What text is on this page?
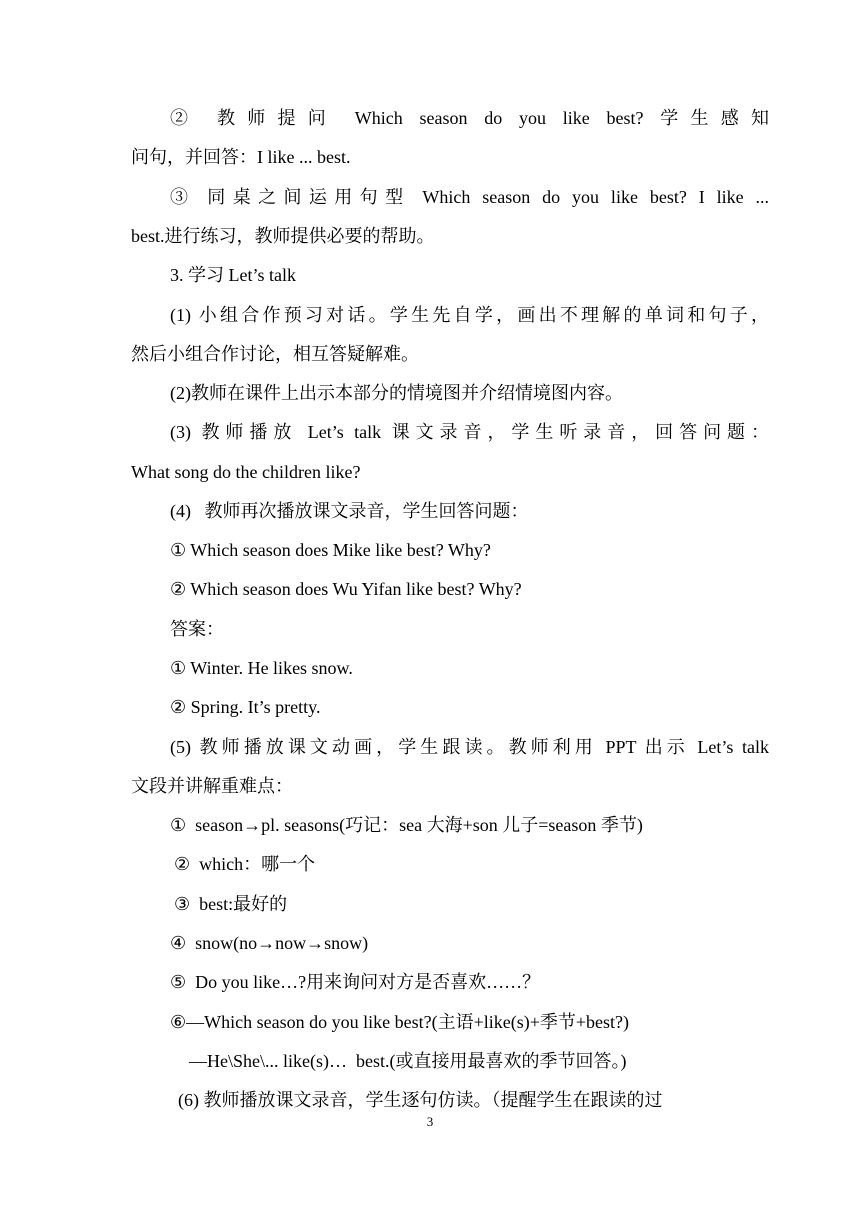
② 教师提问 Which season do you like best? 学生感知
问句，并回答：I like ... best.
③ 同桌之间运用句型 Which season do you like best? I like ...
best.进行练习，教师提供必要的帮助。
3. 学习 Let’s talk
(1) 小组合作预习对话。学生先自学，画出不理解的单词和句子，
然后小组合作讨论，相互答疑解难。
(2)教师在课件上出示本部分的情境图并介绍情境图内容。
(3) 教师播放 Let’s talk 课文录音，学生听录音，回答问题：
What song do the children like?
(4)   教师再次播放课文录音，学生回答问题：
① Which season does Mike like best? Why?
② Which season does Wu Yifan like best? Why?
答案：
① Winter. He likes snow.
② Spring. It’s pretty.
(5) 教师播放课文动画，学生跟读。教师利用 PPT 出示 Let’s talk
文段并讲解重难点：
①  season→pl. seasons(巧记：sea 大海+son 儿子=season 季节)
②  which：哪一个
③  best:最好的
④  snow(no→now→snow)
⑤  Do you like…?用来询问对方是否喜欢……？
⑥—Which season do you like best?(主语+like(s)+季节+best?)
—He\She\... like(s)…  best.(或直接用最喜欢的季节回答。)
(6) 教师播放课文录音，学生逐句仿读。（提醒学生在跟读的过
3
